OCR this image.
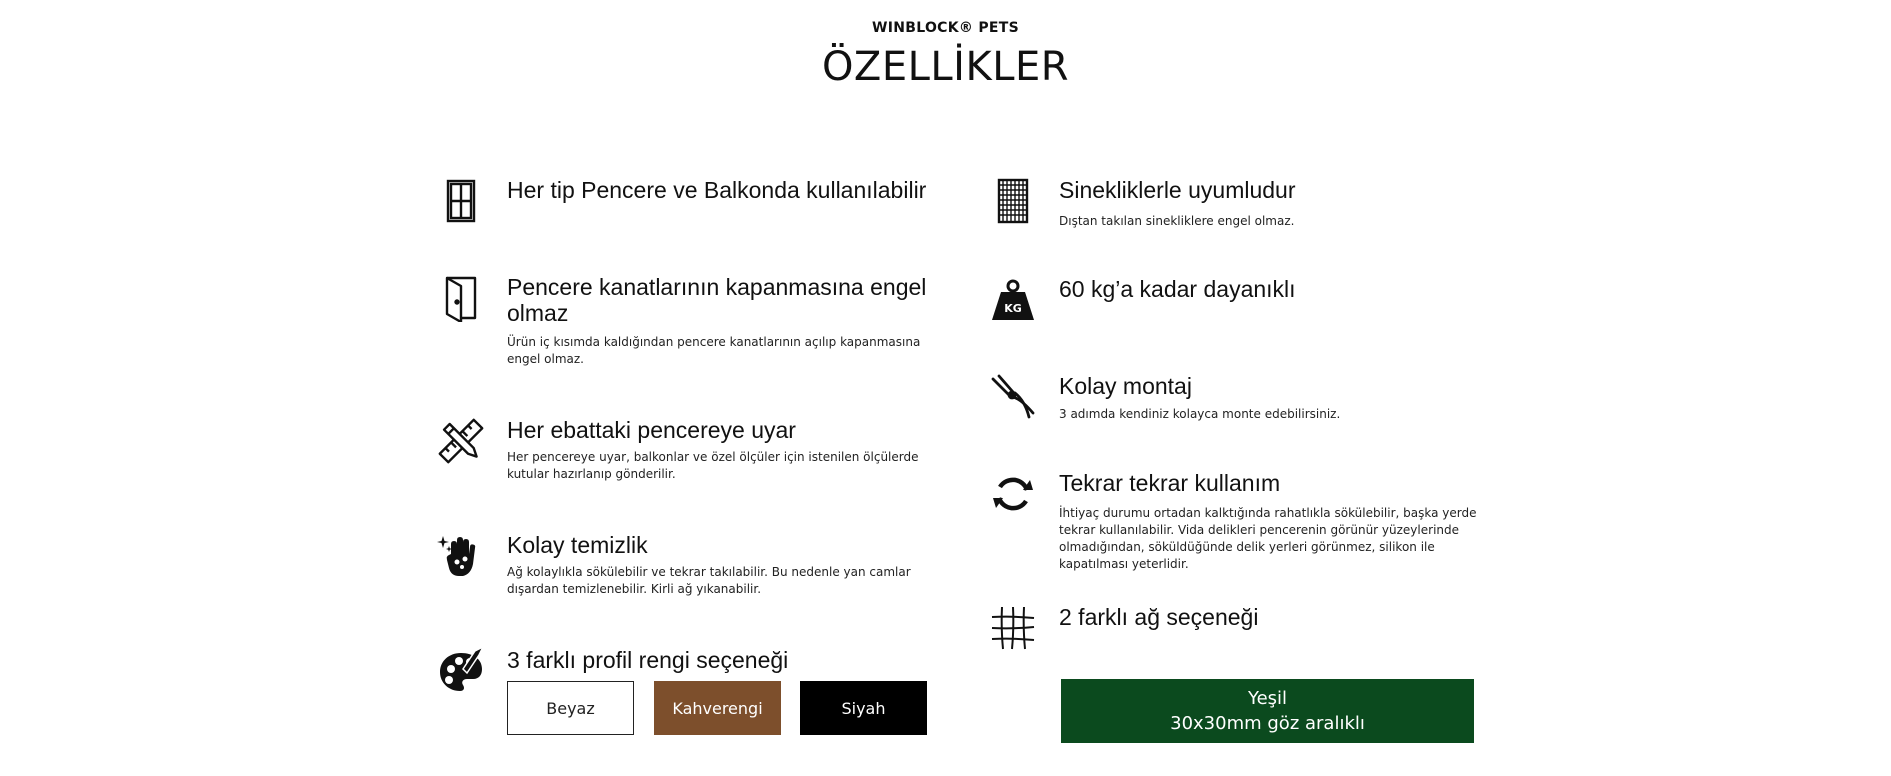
WINBLOCK® PETS
ÖZELLİKLER
Her tip Pencere ve Balkonda kullanılabilir
Pencere kanatlarının kapanmasına engel olmaz
Ürün iç kısımda kaldığından pencere kanatlarının açılıp kapanmasına engel olmaz.
Her ebattaki pencereye uyar
Her pencereye uyar, balkonlar ve özel ölçüler için istenilen ölçülerde kutular hazırlanıp gönderilir.
Kolay temizlik
Ağ kolaylıkla sökülebilir ve tekrar takılabilir. Bu nedenle yan camlar dışardan temizlenebilir. Kirli ağ yıkanabilir.
3 farklı profil rengi seçeneği
Beyaz	Kahverengi	Siyah
Sinekliklerle uyumludur
Dıştan takılan sinekliklere engel olmaz.
KG
60 kg’a kadar dayanıklı
Kolay montaj
3 adımda kendiniz kolayca monte edebilirsiniz.
Tekrar tekrar kullanım
İhtiyaç durumu ortadan kalktığında rahatlıkla sökülebilir, başka yerde tekrar kullanılabilir. Vida delikleri pencerenin görünür yüzeylerinde olmadığından, söküldüğünde delik yerleri görünmez, silikon ile kapatılması yeterlidir.
2 farklı ağ seçeneği
Yeşil
30x30mm göz aralıklı
